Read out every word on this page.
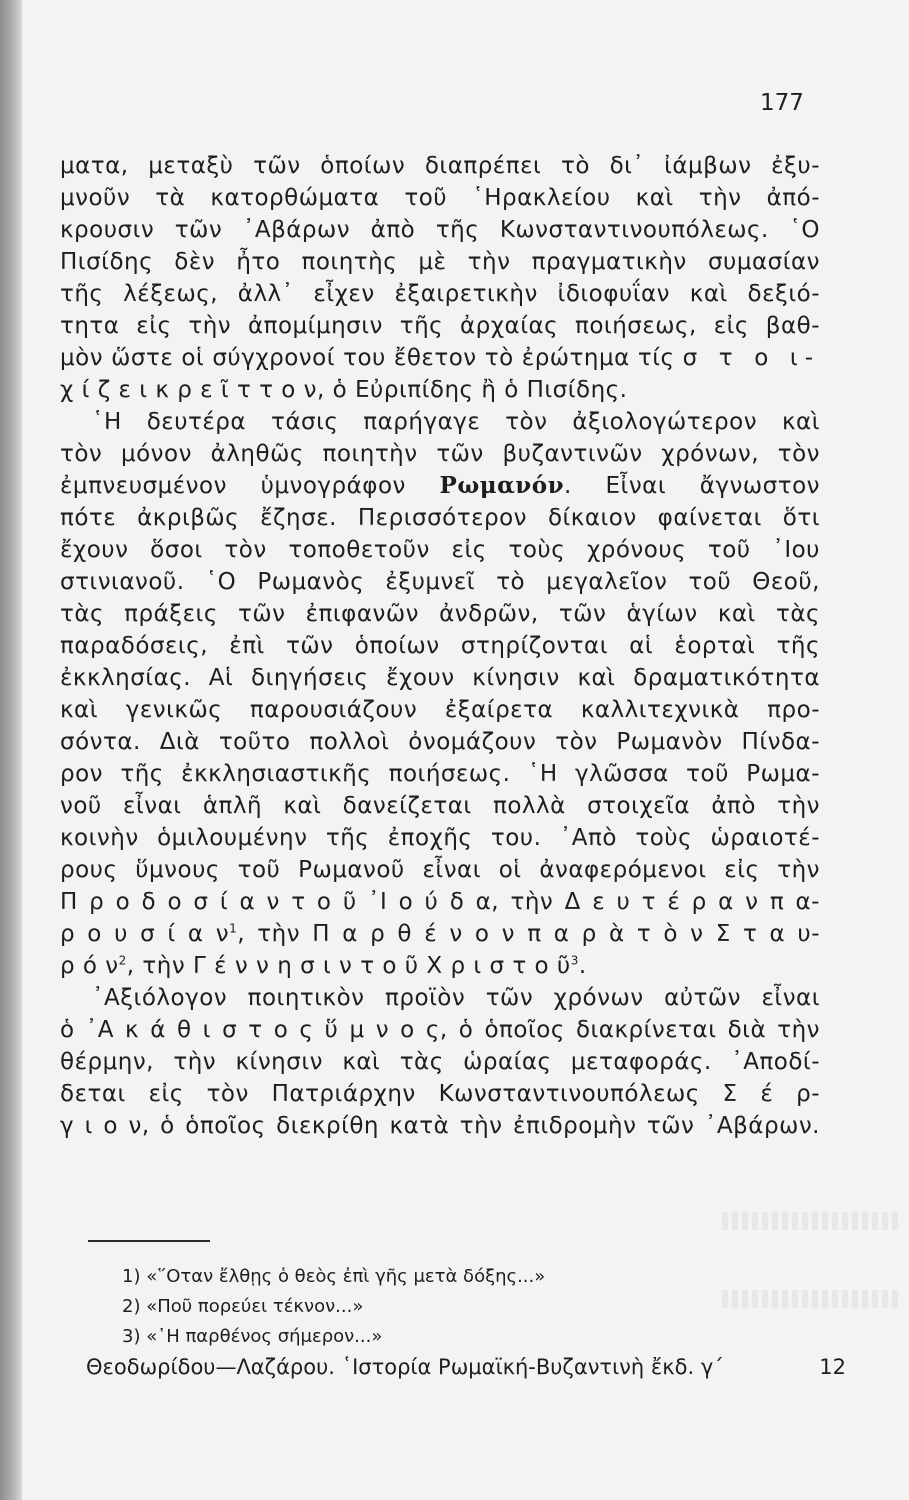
177
ματα, μεταξὺ τῶν ὁποίων διαπρέπει τὸ δι᾽ ἰάμβων ἐξυ-
μνοῦν τὰ κατορθώματα τοῦ ῾Ηρακλείου καὶ τὴν ἀπό-
κρουσιν τῶν ᾽Αβάρων ἀπὸ τῆς Κωνσταντινουπόλεως. ῾Ο
Πισίδης δὲν ἦτο ποιητὴς μὲ τὴν πραγματικὴν συμασίαν
τῆς λέξεως, ἀλλ᾽ εἶχεν ἐξαιρετικὴν ἰδιοφυΐαν καὶ δεξιό-
τητα εἰς τὴν ἀπομίμησιν τῆς ἀρχαίας ποιήσεως, εἰς βαθ-
μὸν ὥστε οἱ σύγχρονοί του ἔθετον τὸ ἐρώτημα τίς σ τ ο ι-
χ ί ζ ε ι κ ρ ε ῖ τ τ ο ν, ὁ Εὐριπίδης ἢ ὁ Πισίδης.
῾Η δευτέρα τάσις παρήγαγε τὸν ἀξιολογώτερον καὶ
τὸν μόνον ἀληθῶς ποιητὴν τῶν βυζαντινῶν χρόνων, τὸν
ἐμπνευσμένον ὑμνογράφον Ρωμανόν. Εἶναι ἄγνωστον
πότε ἀκριβῶς ἔζησε. Περισσότερον δίκαιον φαίνεται ὅτι
ἔχουν ὅσοι τὸν τοποθετοῦν εἰς τοὺς χρόνους τοῦ ᾽Ιου
στινιανοῦ. ῾Ο Ρωμανὸς ἐξυμνεῖ τὸ μεγαλεῖον τοῦ Θεοῦ,
τὰς πράξεις τῶν ἐπιφανῶν ἀνδρῶν, τῶν ἁγίων καὶ τὰς
παραδόσεις, ἐπὶ τῶν ὁποίων στηρίζονται αἱ ἑορταὶ τῆς
ἐκκλησίας. Αἱ διηγήσεις ἔχουν κίνησιν καὶ δραματικότητα
καὶ γενικῶς παρουσιάζουν ἐξαίρετα καλλιτεχνικὰ προ-
σόντα. Διὰ τοῦτο πολλοὶ ὀνομάζουν τὸν Ρωμανὸν Πίνδα-
ρον τῆς ἐκκλησιαστικῆς ποιήσεως. ῾Η γλῶσσα τοῦ Ρωμα-
νοῦ εἶναι ἁπλῆ καὶ δανείζεται πολλὰ στοιχεῖα ἀπὸ τὴν
κοινὴν ὁμιλουμένην τῆς ἐποχῆς του. ᾽Απὸ τοὺς ὡραιοτέ-
ρους ὕμνους τοῦ Ρωμανοῦ εἶναι οἱ ἀναφερόμενοι εἰς τὴν
Π ρ ο δ ο σ ί α ν τ ο ῦ ᾽Ι ο ύ δ α, τὴν Δ ε υ τ έ ρ α ν π α-
ρ ο υ σ ί α $\nu^1$, τὴν Π α ρ θ έ ν ο ν π α ρ ὰ τ ὸ ν Σ τ α υ-
ρ ό $\nu^2$, τὴν Γ έ ν ν η σ ι ν τ ο ῦ Χ ρ ι σ τ ο ῦ$^3$.
᾽Αξιόλογον ποιητικὸν προϊὸν τῶν χρόνων αὐτῶν εἶναι
ὁ ᾽Α κ ά θ ι σ τ ο ς ὕ μ ν ο ς, ὁ ὁποῖος διακρίνεται διὰ τὴν
θέρμην, τὴν κίνησιν καὶ τὰς ὡραίας μεταφοράς. ᾽Αποδί-
δεται εἰς τὸν Πατριάρχην Κωνσταντινουπόλεως Σ έ ρ-
γ ι ο ν, ὁ ὁποῖος διεκρίθη κατὰ τὴν ἐπιδρομὴν τῶν ᾽Αβάρων.
1) «῞Οταν ἔλθῃς ὁ θεὸς ἐπὶ γῆς μετὰ δόξης...»
2) «Ποῦ πορεύει τέκνον...»
3) «῾Η παρθένος σήμερον...»
Θεοδωρίδου—Λαζάρου. ῾Ιστορία Ρωμαϊκή-Βυζαντινὴ ἔκδ. γ´	12
